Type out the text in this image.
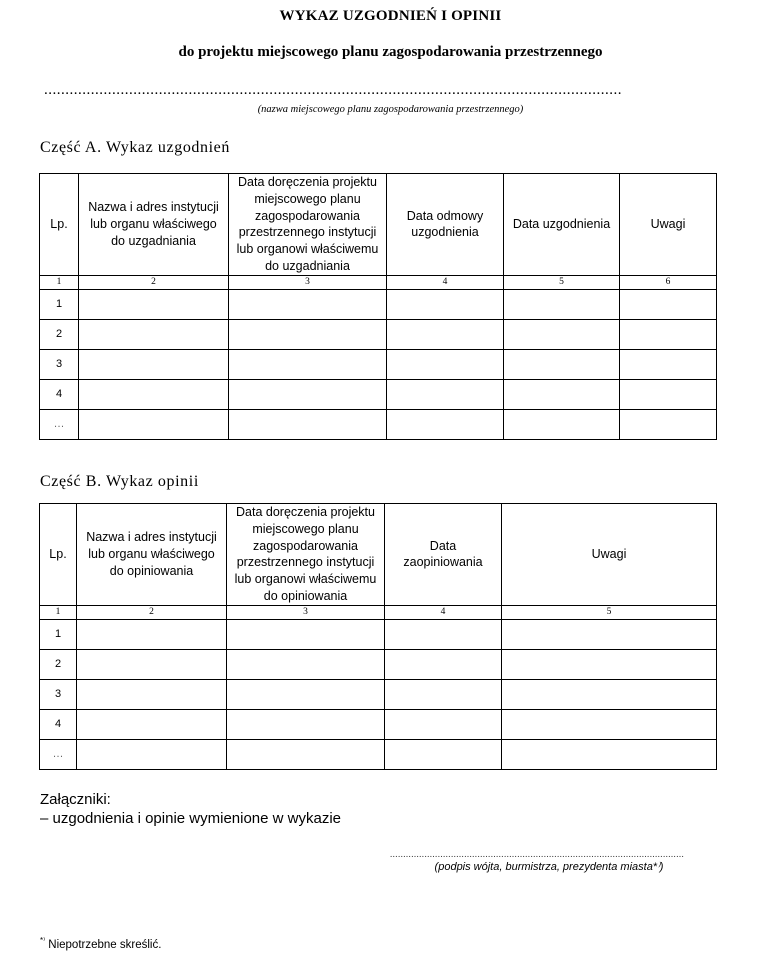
WYKAZ UZGODNIEŃ I OPINII
do projektu miejscowego planu zagospodarowania przestrzennego
........................................................................................................................................
(nazwa miejscowego planu zagospodarowania przestrzennego)
Część A. Wykaz uzgodnień
Lp.	Nazwa i adres instytucji lub organu właściwego do uzgadniania	Data doręczenia projektu miejscowego planu zagospodarowania przestrzennego instytucji lub organowi właściwemu do uzgadniania	Data odmowy uzgodnienia	Data uzgodnienia	Uwagi
1	2	3	4	5	6
1					
2					
3					
4					
…					
Część B. Wykaz opinii
Lp.	Nazwa i adres instytucji lub organu właściwego do opiniowania	Data doręczenia projektu miejscowego planu zagospodarowania przestrzennego instytucji lub organowi właściwemu do opiniowania	Data zaopiniowania	Uwagi
1	2	3	4	5
1				
2				
3				
4				
…				
Załączniki:
– uzgodnienia i opinie wymienione w wykazie
...............................................................................................................
(podpis wójta, burmistrza, prezydenta miasta*⁾)
*⁾ Niepotrzebne skreślić.
